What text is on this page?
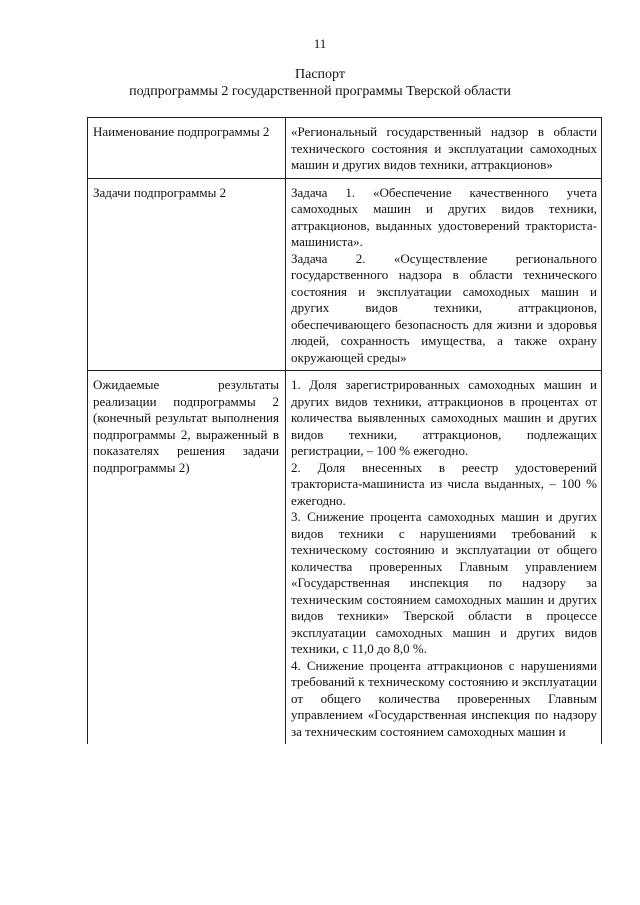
11
Паспорт
подпрограммы 2 государственной программы Тверской области
Наименование подпрограммы 2	«Региональный государственный надзор в области технического состояния и эксплуатации самоходных машин и других видов техники, аттракционов»

Задачи подпрограммы 2	Задача 1. «Обеспечение качественного учета самоходных машин и других видов техники, аттракционов, выданных удостоверений тракториста-машиниста».
Задача 2. «Осуществление регионального государственного надзора в области технического состояния и эксплуатации самоходных машин и других видов техники, аттракционов, обеспечивающего безопасность для жизни и здоровья людей, сохранность имущества, а также охрану окружающей среды»

Ожидаемые результаты реализации подпрограммы 2 (конечный результат выполнения подпрограммы 2, выраженный в показателях решения задачи подпрограммы 2)	1. Доля зарегистрированных самоходных машин и других видов техники, аттракционов в процентах от количества выявленных самоходных машин и других видов техники, аттракционов, подлежащих регистрации, – 100 % ежегодно.
2. Доля внесенных в реестр удостоверений тракториста-машиниста из числа выданных, – 100 % ежегодно.
3. Снижение процента самоходных машин и других видов техники с нарушениями требований к техническому состоянию и эксплуатации от общего количества проверенных Главным управлением «Государственная инспекция по надзору за техническим состоянием самоходных машин и других видов техники» Тверской области в процессе эксплуатации самоходных машин и других видов техники, с 11,0 до 8,0 %.
4. Снижение процента аттракционов с нарушениями требований к техническому состоянию и эксплуатации от общего количества проверенных Главным управлением «Государственная инспекция по надзору за техническим состоянием самоходных машин и
